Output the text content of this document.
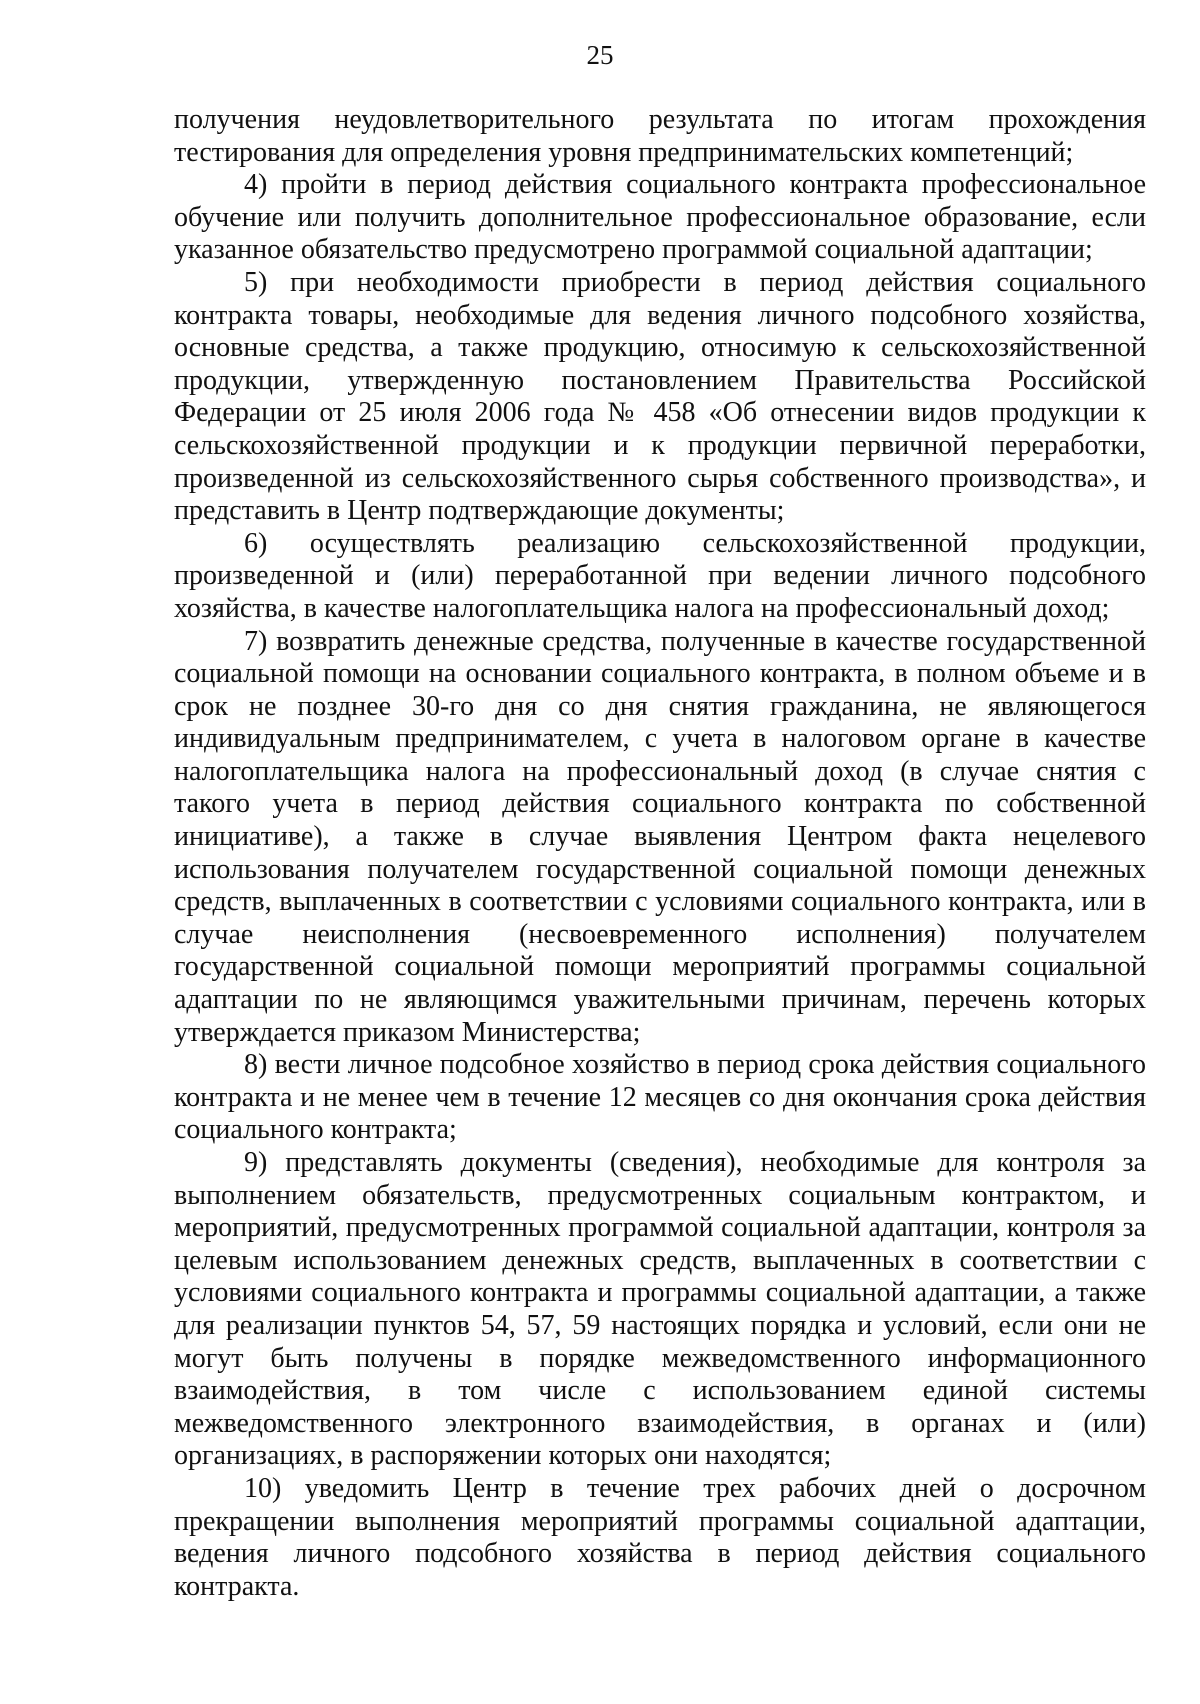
25

получения неудовлетворительного результата по итогам прохождения тестирования для определения уровня предпринимательских компетенций;

4) пройти в период действия социального контракта профессиональное обучение или получить дополнительное профессиональное образование, если указанное обязательство предусмотрено программой социальной адаптации;

5) при необходимости приобрести в период действия социального контракта товары, необходимые для ведения личного подсобного хозяйства, основные средства, а также продукцию, относимую к сельскохозяйственной продукции, утвержденную постановлением Правительства Российской Федерации от 25 июля 2006 года № 458 «Об отнесении видов продукции к сельскохозяйственной продукции и к продукции первичной переработки, произведенной из сельскохозяйственного сырья собственного производства», и представить в Центр подтверждающие документы;

6) осуществлять реализацию сельскохозяйственной продукции, произведенной и (или) переработанной при ведении личного подсобного хозяйства, в качестве налогоплательщика налога на профессиональный доход;

7) возвратить денежные средства, полученные в качестве государственной социальной помощи на основании социального контракта, в полном объеме и в срок не позднее 30-го дня со дня снятия гражданина, не являющегося индивидуальным предпринимателем, с учета в налоговом органе в качестве налогоплательщика налога на профессиональный доход (в случае снятия с такого учета в период действия социального контракта по собственной инициативе), а также в случае выявления Центром факта нецелевого использования получателем государственной социальной помощи денежных средств, выплаченных в соответствии с условиями социального контракта, или в случае неисполнения (несвоевременного исполнения) получателем государственной социальной помощи мероприятий программы социальной адаптации по не являющимся уважительными причинам, перечень которых утверждается приказом Министерства;

8) вести личное подсобное хозяйство в период срока действия социального контракта и не менее чем в течение 12 месяцев со дня окончания срока действия социального контракта;

9) представлять документы (сведения), необходимые для контроля за выполнением обязательств, предусмотренных социальным контрактом, и мероприятий, предусмотренных программой социальной адаптации, контроля за целевым использованием денежных средств, выплаченных в соответствии с условиями социального контракта и программы социальной адаптации, а также для реализации пунктов 54, 57, 59 настоящих порядка и условий, если они не могут быть получены в порядке межведомственного информационного взаимодействия, в том числе с использованием единой системы межведомственного электронного взаимодействия, в органах и (или) организациях, в распоряжении которых они находятся;

10) уведомить Центр в течение трех рабочих дней о досрочном прекращении выполнения мероприятий программы социальной адаптации, ведения личного подсобного хозяйства в период действия социального контракта.
